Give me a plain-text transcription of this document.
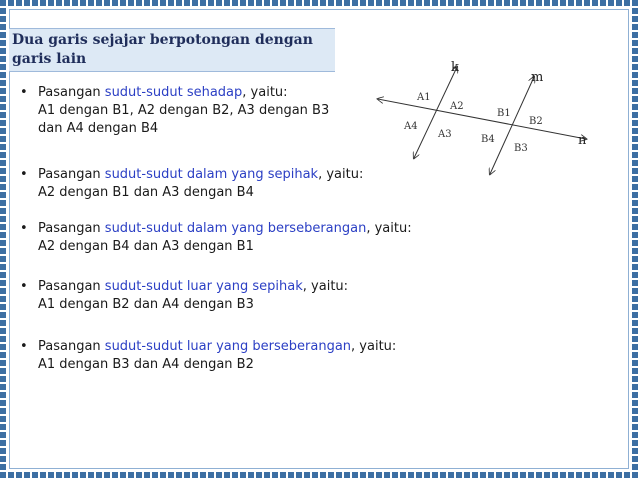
Dua garis sejajar berpotongan dengan garis lain
• Pasangan sudut-sudut sehadap, yaitu:
A1 dengan B1, A2 dengan B2, A3 dengan B3
dan A4 dengan B4
• Pasangan sudut-sudut dalam yang sepihak, yaitu:
A2 dengan B1 dan A3 dengan B4
• Pasangan sudut-sudut dalam yang berseberangan, yaitu:
A2 dengan B4 dan A3 dengan B1
• Pasangan sudut-sudut luar yang sepihak, yaitu:
A1 dengan B2 dan A4 dengan B3
• Pasangan sudut-sudut luar yang berseberangan, yaitu:
A1 dengan B3 dan A4 dengan B2
k
m
n
A1
A2
A3
A4
B1
B2
B3
B4
